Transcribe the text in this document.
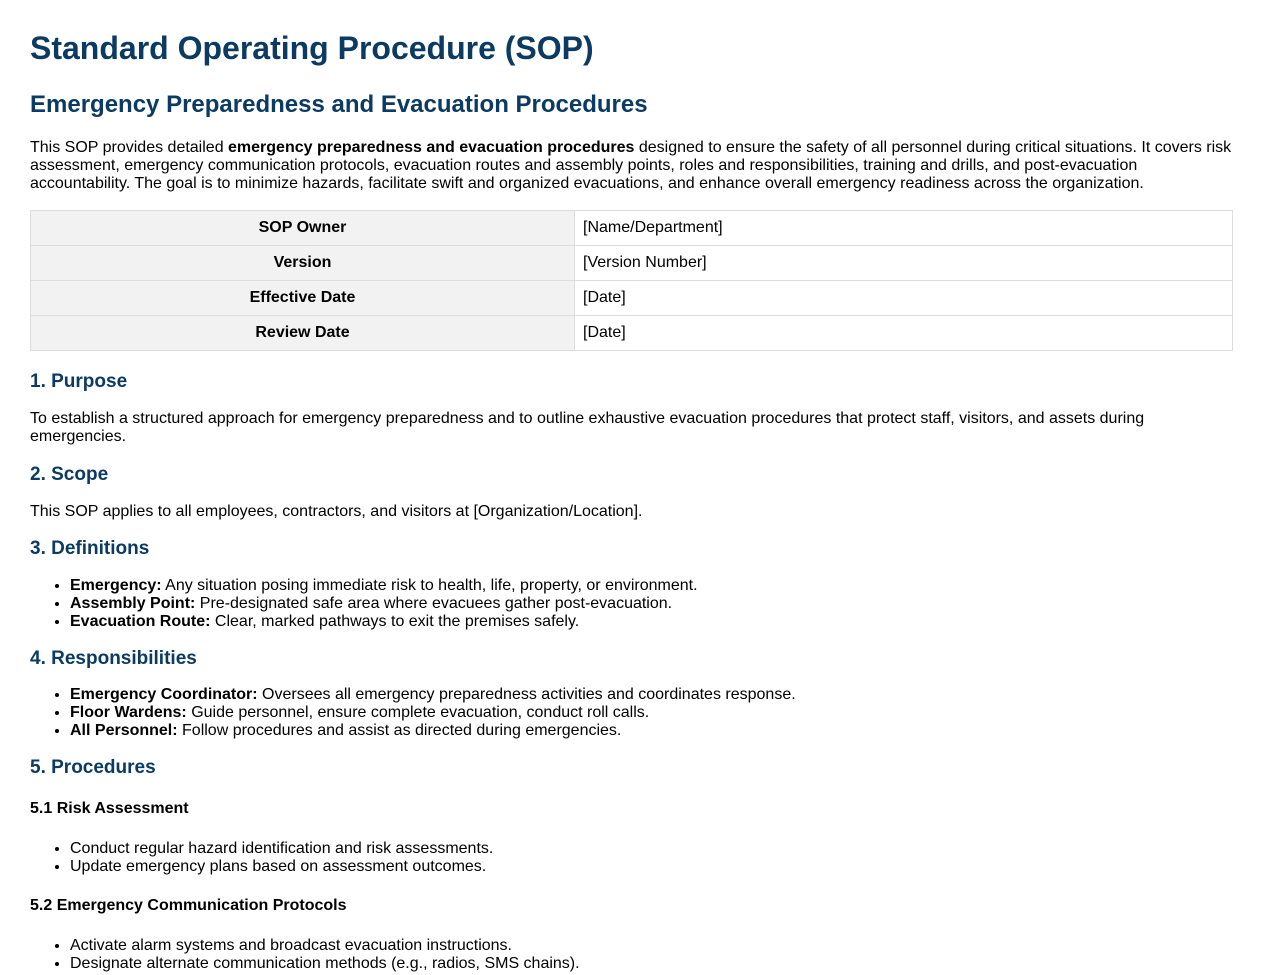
Standard Operating Procedure (SOP)
Emergency Preparedness and Evacuation Procedures

This SOP provides detailed emergency preparedness and evacuation procedures designed to ensure the safety of all personnel during critical situations. It covers risk assessment, emergency communication protocols, evacuation routes and assembly points, roles and responsibilities, training and drills, and post-evacuation accountability. The goal is to minimize hazards, facilitate swift and organized evacuations, and enhance overall emergency readiness across the organization.

SOP Owner	[Name/Department]
Version	[Version Number]
Effective Date	[Date]
Review Date	[Date]
1. Purpose

To establish a structured approach for emergency preparedness and to outline exhaustive evacuation procedures that protect staff, visitors, and assets during emergencies.

2. Scope

This SOP applies to all employees, contractors, and visitors at [Organization/Location].

3. Definitions
• Emergency: Any situation posing immediate risk to health, life, property, or environment.
• Assembly Point: Pre-designated safe area where evacuees gather post-evacuation.
• Evacuation Route: Clear, marked pathways to exit the premises safely.
4. Responsibilities
• Emergency Coordinator: Oversees all emergency preparedness activities and coordinates response.
• Floor Wardens: Guide personnel, ensure complete evacuation, conduct roll calls.
• All Personnel: Follow procedures and assist as directed during emergencies.
5. Procedures
5.1 Risk Assessment
• Conduct regular hazard identification and risk assessments.
• Update emergency plans based on assessment outcomes.
5.2 Emergency Communication Protocols
• Activate alarm systems and broadcast evacuation instructions.
• Designate alternate communication methods (e.g., radios, SMS chains).
